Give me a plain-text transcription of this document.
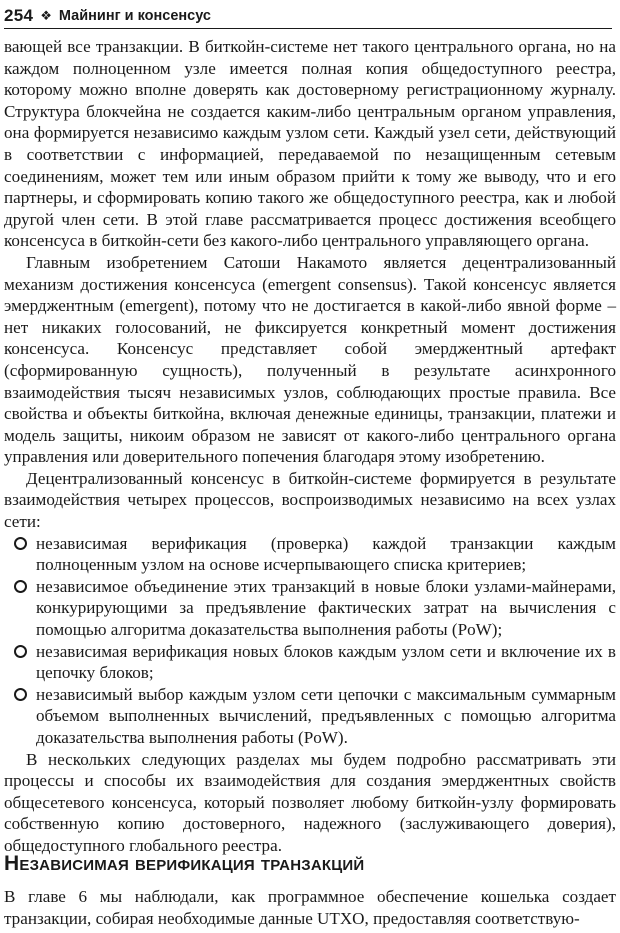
254 ❖ Майнинг и консенсус

вающей все транзакции. В биткойн-системе нет такого центрального органа, но на каждом полноценном узле имеется полная копия общедоступного реестра, которому можно вполне доверять как достоверному регистрационному журналу. Структура блокчейна не создается каким-либо центральным органом управления, она формируется независимо каждым узлом сети. Каждый узел сети, действующий в соответствии с информацией, передаваемой по незащищенным сетевым соединениям, может тем или иным образом прийти к тому же выводу, что и его партнеры, и сформировать копию такого же общедоступного реестра, как и любой другой член сети. В этой главе рассматривается процесс достижения всеобщего консенсуса в биткойн-сети без какого-либо центрального управляющего органа.

Главным изобретением Сатоши Накамото является децентрализованный механизм достижения консенсуса (emergent consensus). Такой консенсус является эмерджентным (emergent), потому что не достигается в какой-либо явной форме – нет никаких голосований, не фиксируется конкретный момент достижения консенсуса. Консенсус представляет собой эмерджентный артефакт (сформированную сущность), полученный в результате асинхронного взаимодействия тысяч независимых узлов, соблюдающих простые правила. Все свойства и объекты биткойна, включая денежные единицы, транзакции, платежи и модель защиты, никоим образом не зависят от какого-либо центрального органа управления или доверительного попечения благодаря этому изобретению.

Децентрализованный консенсус в биткойн-системе формируется в результате взаимодействия четырех процессов, воспроизводимых независимо на всех узлах сети:

независимая верификация (проверка) каждой транзакции каждым полноценным узлом на основе исчерпывающего списка критериев;
независимое объединение этих транзакций в новые блоки узлами-майнерами, конкурирующими за предъявление фактических затрат на вычисления с помощью алгоритма доказательства выполнения работы (PoW);
независимая верификация новых блоков каждым узлом сети и включение их в цепочку блоков;
независимый выбор каждым узлом сети цепочки с максимальным суммарным объемом выполненных вычислений, предъявленных с помощью алгоритма доказательства выполнения работы (PoW).

В нескольких следующих разделах мы будем подробно рассматривать эти процессы и способы их взаимодействия для создания эмерджентных свойств общесетевого консенсуса, который позволяет любому биткойн-узлу формировать собственную копию достоверного, надежного (заслуживающего доверия), общедоступного глобального реестра.

Независимая верификация транзакций
В главе 6 мы наблюдали, как программное обеспечение кошелька создает транзакции, собирая необходимые данные UTXO, предоставляя соответствую-
